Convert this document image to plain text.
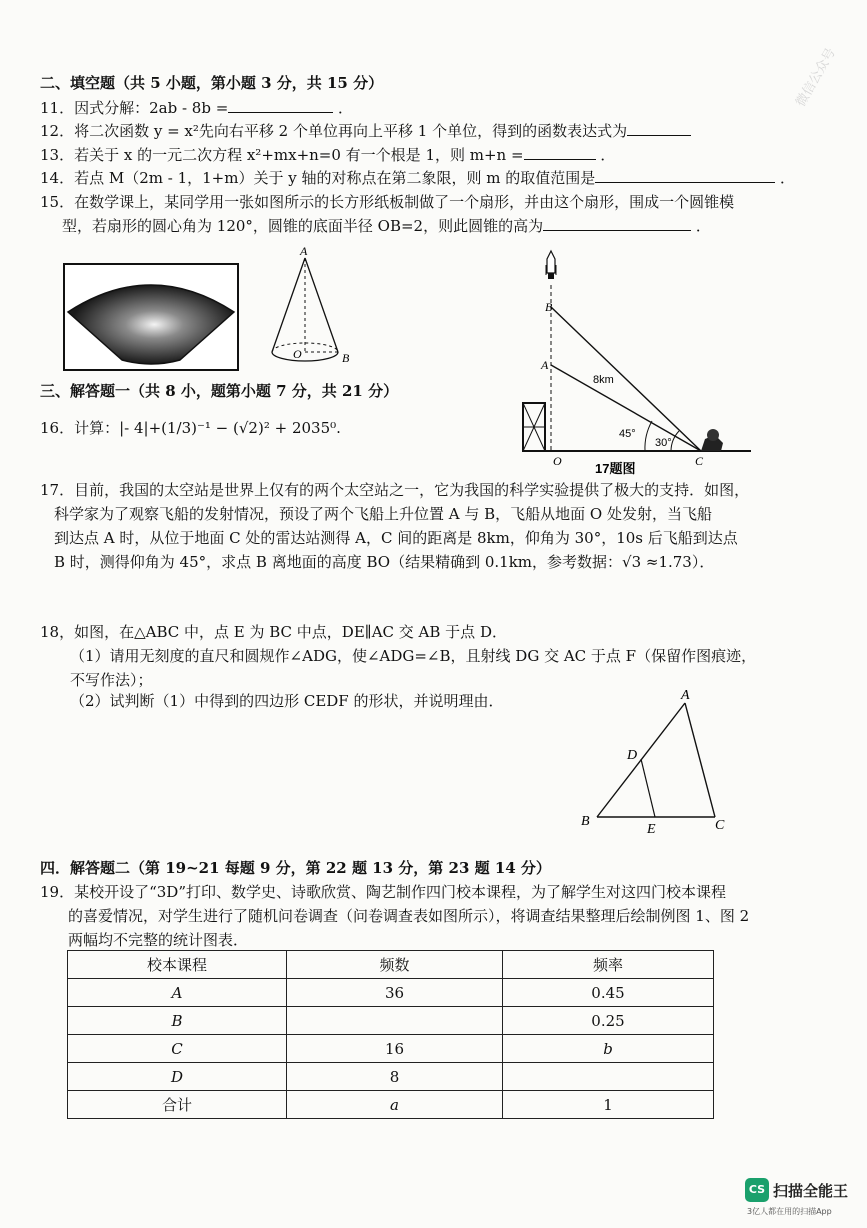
微信公众号
二、填空题（共 5 小题，第小题 3 分，共 15 分）
11．因式分解：2ab - 8b =	．
12．将二次函数 y = x²先向右平移 2 个单位再向上平移 1 个单位，得到的函数表达式为
13．若关于 x 的一元二次方程 x²+mx+n=0 有一个根是 1，则 m+n =	．
14．若点 M（2m - 1，1+m）关于 y 轴的对称点在第二象限，则 m 的取值范围是	．
15．在数学课上，某同学用一张如图所示的长方形纸板制做了一个扇形，并由这个扇形，围成一个圆锥模
型，若扇形的圆心角为 120°，圆锥的底面半径 OB=2，则此圆锥的高为	．
A
O	B
B
A
O	C
8km
45°
30°
17题图
三、解答题一（共 8 小，题第小题 7 分，共 21 分）
16．计算：|- 4|+(1/3)⁻¹ − (√2)² + 2035⁰.
17．目前，我国的太空站是世界上仅有的两个太空站之一，它为我国的科学实验提供了极大的支持．如图，
科学家为了观察飞船的发射情况，预设了两个飞船上升位置 A 与 B，飞船从地面 O 处发射，当飞船
到达点 A 时，从位于地面 C 处的雷达站测得 A，C 间的距离是 8km，仰角为 30°，10s 后飞船到达点
B 时，测得仰角为 45°，求点 B 离地面的高度 BO（结果精确到 0.1km，参考数据：√3 ≈1.73）．
18，如图，在△ABC 中，点 E 为 BC 中点，DE∥AC 交 AB 于点 D．
（1）请用无刻度的直尺和圆规作∠ADG，使∠ADG=∠B，且射线 DG 交 AC 于点 F（保留作图痕迹，
不写作法）；
（2）试判断（1）中得到的四边形 CEDF 的形状，并说明理由．	A
D
B
E	C
四．解答题二（第 19~21 每题 9 分，第 22 题 13 分，第 23 题 14 分）
19．某校开设了“3D”打印、数学史、诗歌欣赏、陶艺制作四门校本课程，为了解学生对这四门校本课程
的喜爱情况，对学生进行了随机问卷调查（问卷调查表如图所示），将调查结果整理后绘制例图 1、图 2
两幅均不完整的统计图表．
校本课程	频数	频率
A	36	0.45
B		0.25
C	16	b
D	8	
合计	a	1
CS 扫描全能王
3亿人都在用的扫描App
